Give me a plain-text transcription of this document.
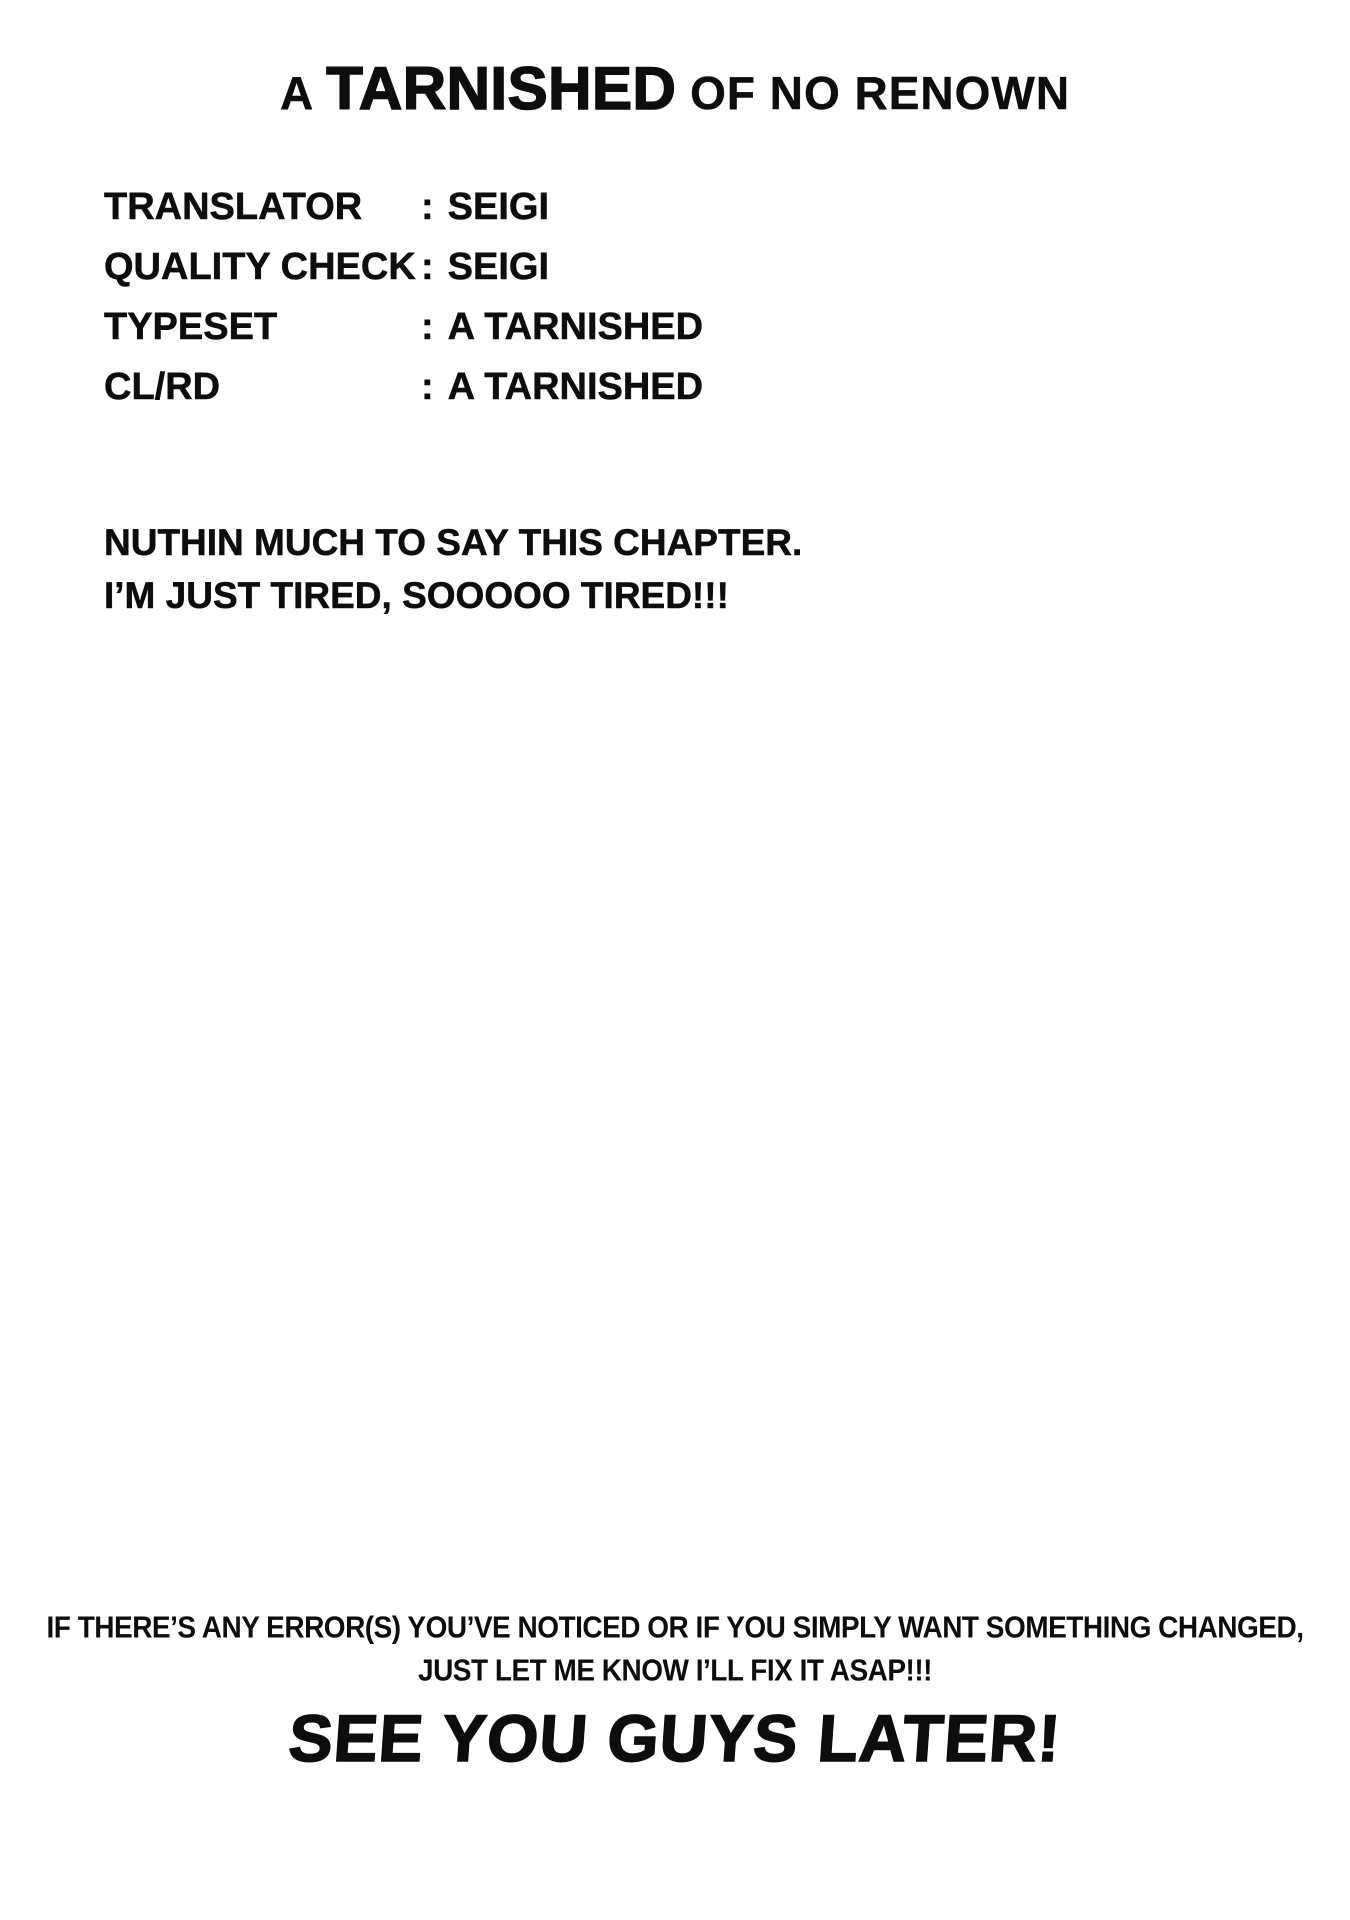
A TARNISHED OF NO RENOWN
TRANSLATOR	: SEIGI
QUALITY CHECK : SEIGI
TYPESET	: A TARNISHED
CL/RD	: A TARNISHED
NUTHIN MUCH TO SAY THIS CHAPTER.
I’M JUST TIRED, SOOOOO TIRED!!!
IF THERE’S ANY ERROR(S) YOU’VE NOTICED OR IF YOU SIMPLY WANT SOMETHING CHANGED,
JUST LET ME KNOW I’LL FIX IT ASAP!!!
SEE YOU GUYS LATER!
